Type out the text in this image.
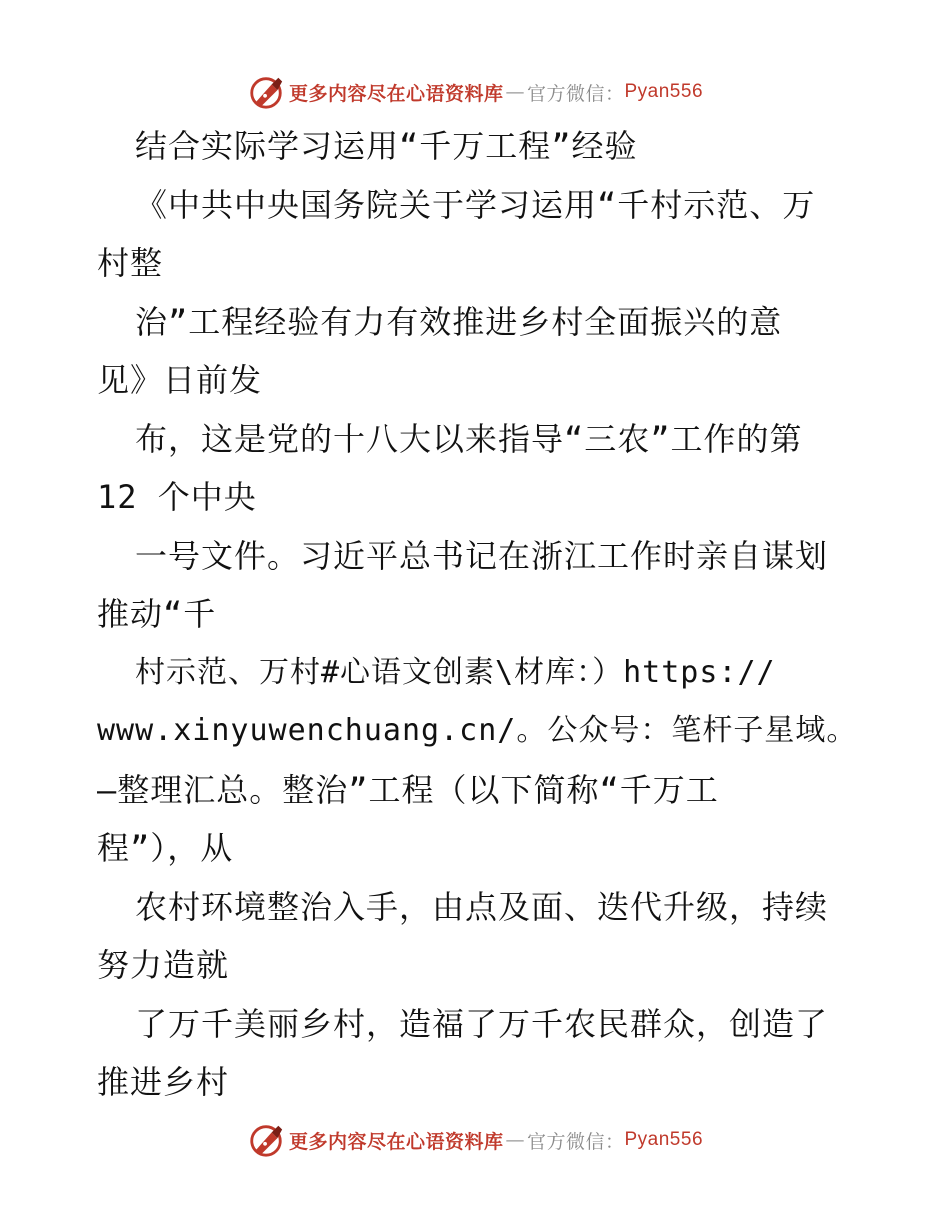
更多内容尽在心语资料库 — 官方微信： Pyan556
结合实际学习运用“千万工程”经验
《中共中央国务院关于学习运用“千村示范、万
村整
治”工程经验有力有效推进乡村全面振兴的意
见》日前发
布，这是党的十八大以来指导“三农”工作的第
12 个中央
一号文件。习近平总书记在浙江工作时亲自谋划
推动“千
村示范、万村#心语文创素\材库：）https://
www.xinyuwenchuang.cn/。公众号：笔杆子星域。
—整理汇总。整治”工程（以下简称“千万工
程”），从
农村环境整治入手，由点及面、迭代升级，持续
努力造就
了万千美丽乡村，造福了万千农民群众，创造了
推进乡村
更多内容尽在心语资料库 — 官方微信： Pyan556
